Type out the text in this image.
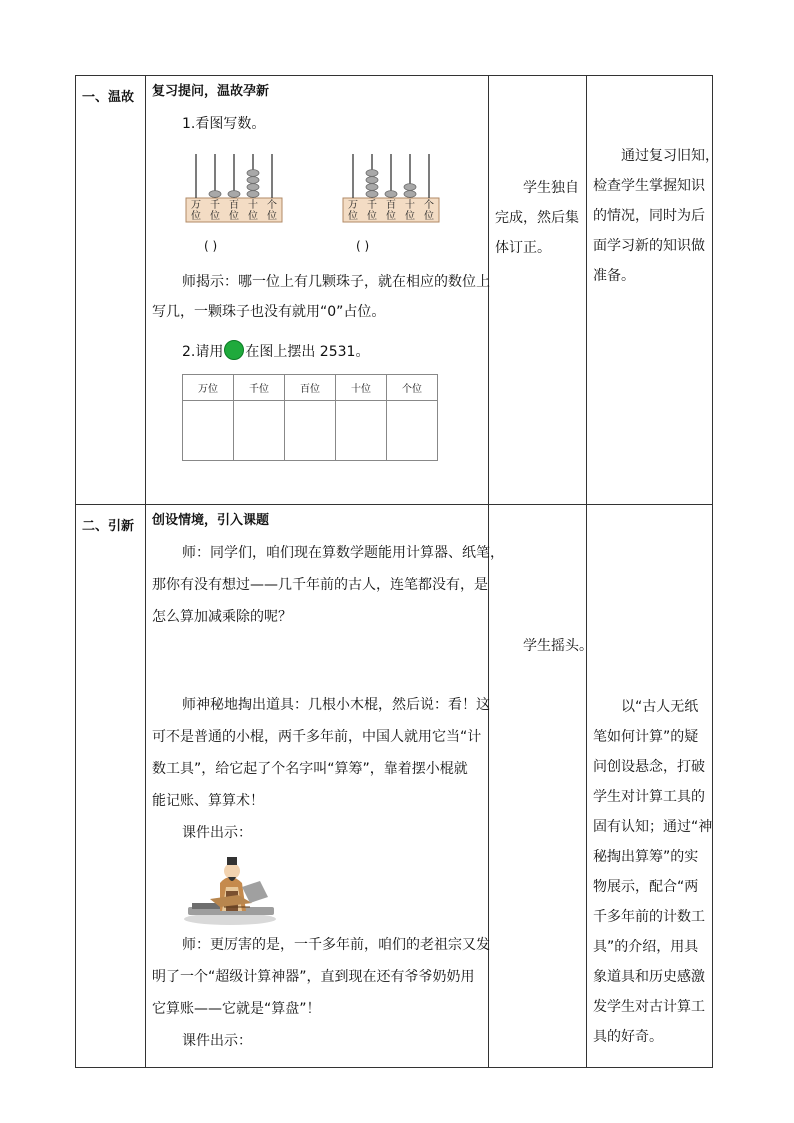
一、温故	复习提问，温故孕新
1.看图写数。
万
位
千
位
百
位
十
位
个
位
万
位
千
位
百
位
十
位
个
位
( )	( )
师揭示：哪一位上有几颗珠子，就在相应的数位上
写几，一颗珠子也没有就用“0”占位。
2.请用 在图上摆出 2531。
万位	千位	百位	十位	个位

学生独自
完成，然后集
体订正。

通过复习旧知，
检查学生掌握知识
的情况，同时为后
面学习新的知识做
准备。

二、引新	创设情境，引入课题
师：同学们，咱们现在算数学题能用计算器、纸笔，
那你有没有想过——几千年前的古人，连笔都没有，是
怎么算加减乘除的呢？
师神秘地掏出道具：几根小木棍，然后说：看！这
可不是普通的小棍，两千多年前，中国人就用它当“计
数工具”，给它起了个名字叫“算筹”，靠着摆小棍就
能记账、算算术！
课件出示：
师：更厉害的是，一千多年前，咱们的老祖宗又发
明了一个“超级计算神器”，直到现在还有爷爷奶奶用
它算账——它就是“算盘”！
课件出示：

学生摇头。

以“古人无纸
笔如何计算”的疑
问创设悬念，打破
学生对计算工具的
固有认知；通过“神
秘掏出算筹”的实
物展示，配合“两
千多年前的计数工
具”的介绍，用具
象道具和历史感激
发学生对古计算工
具的好奇。
